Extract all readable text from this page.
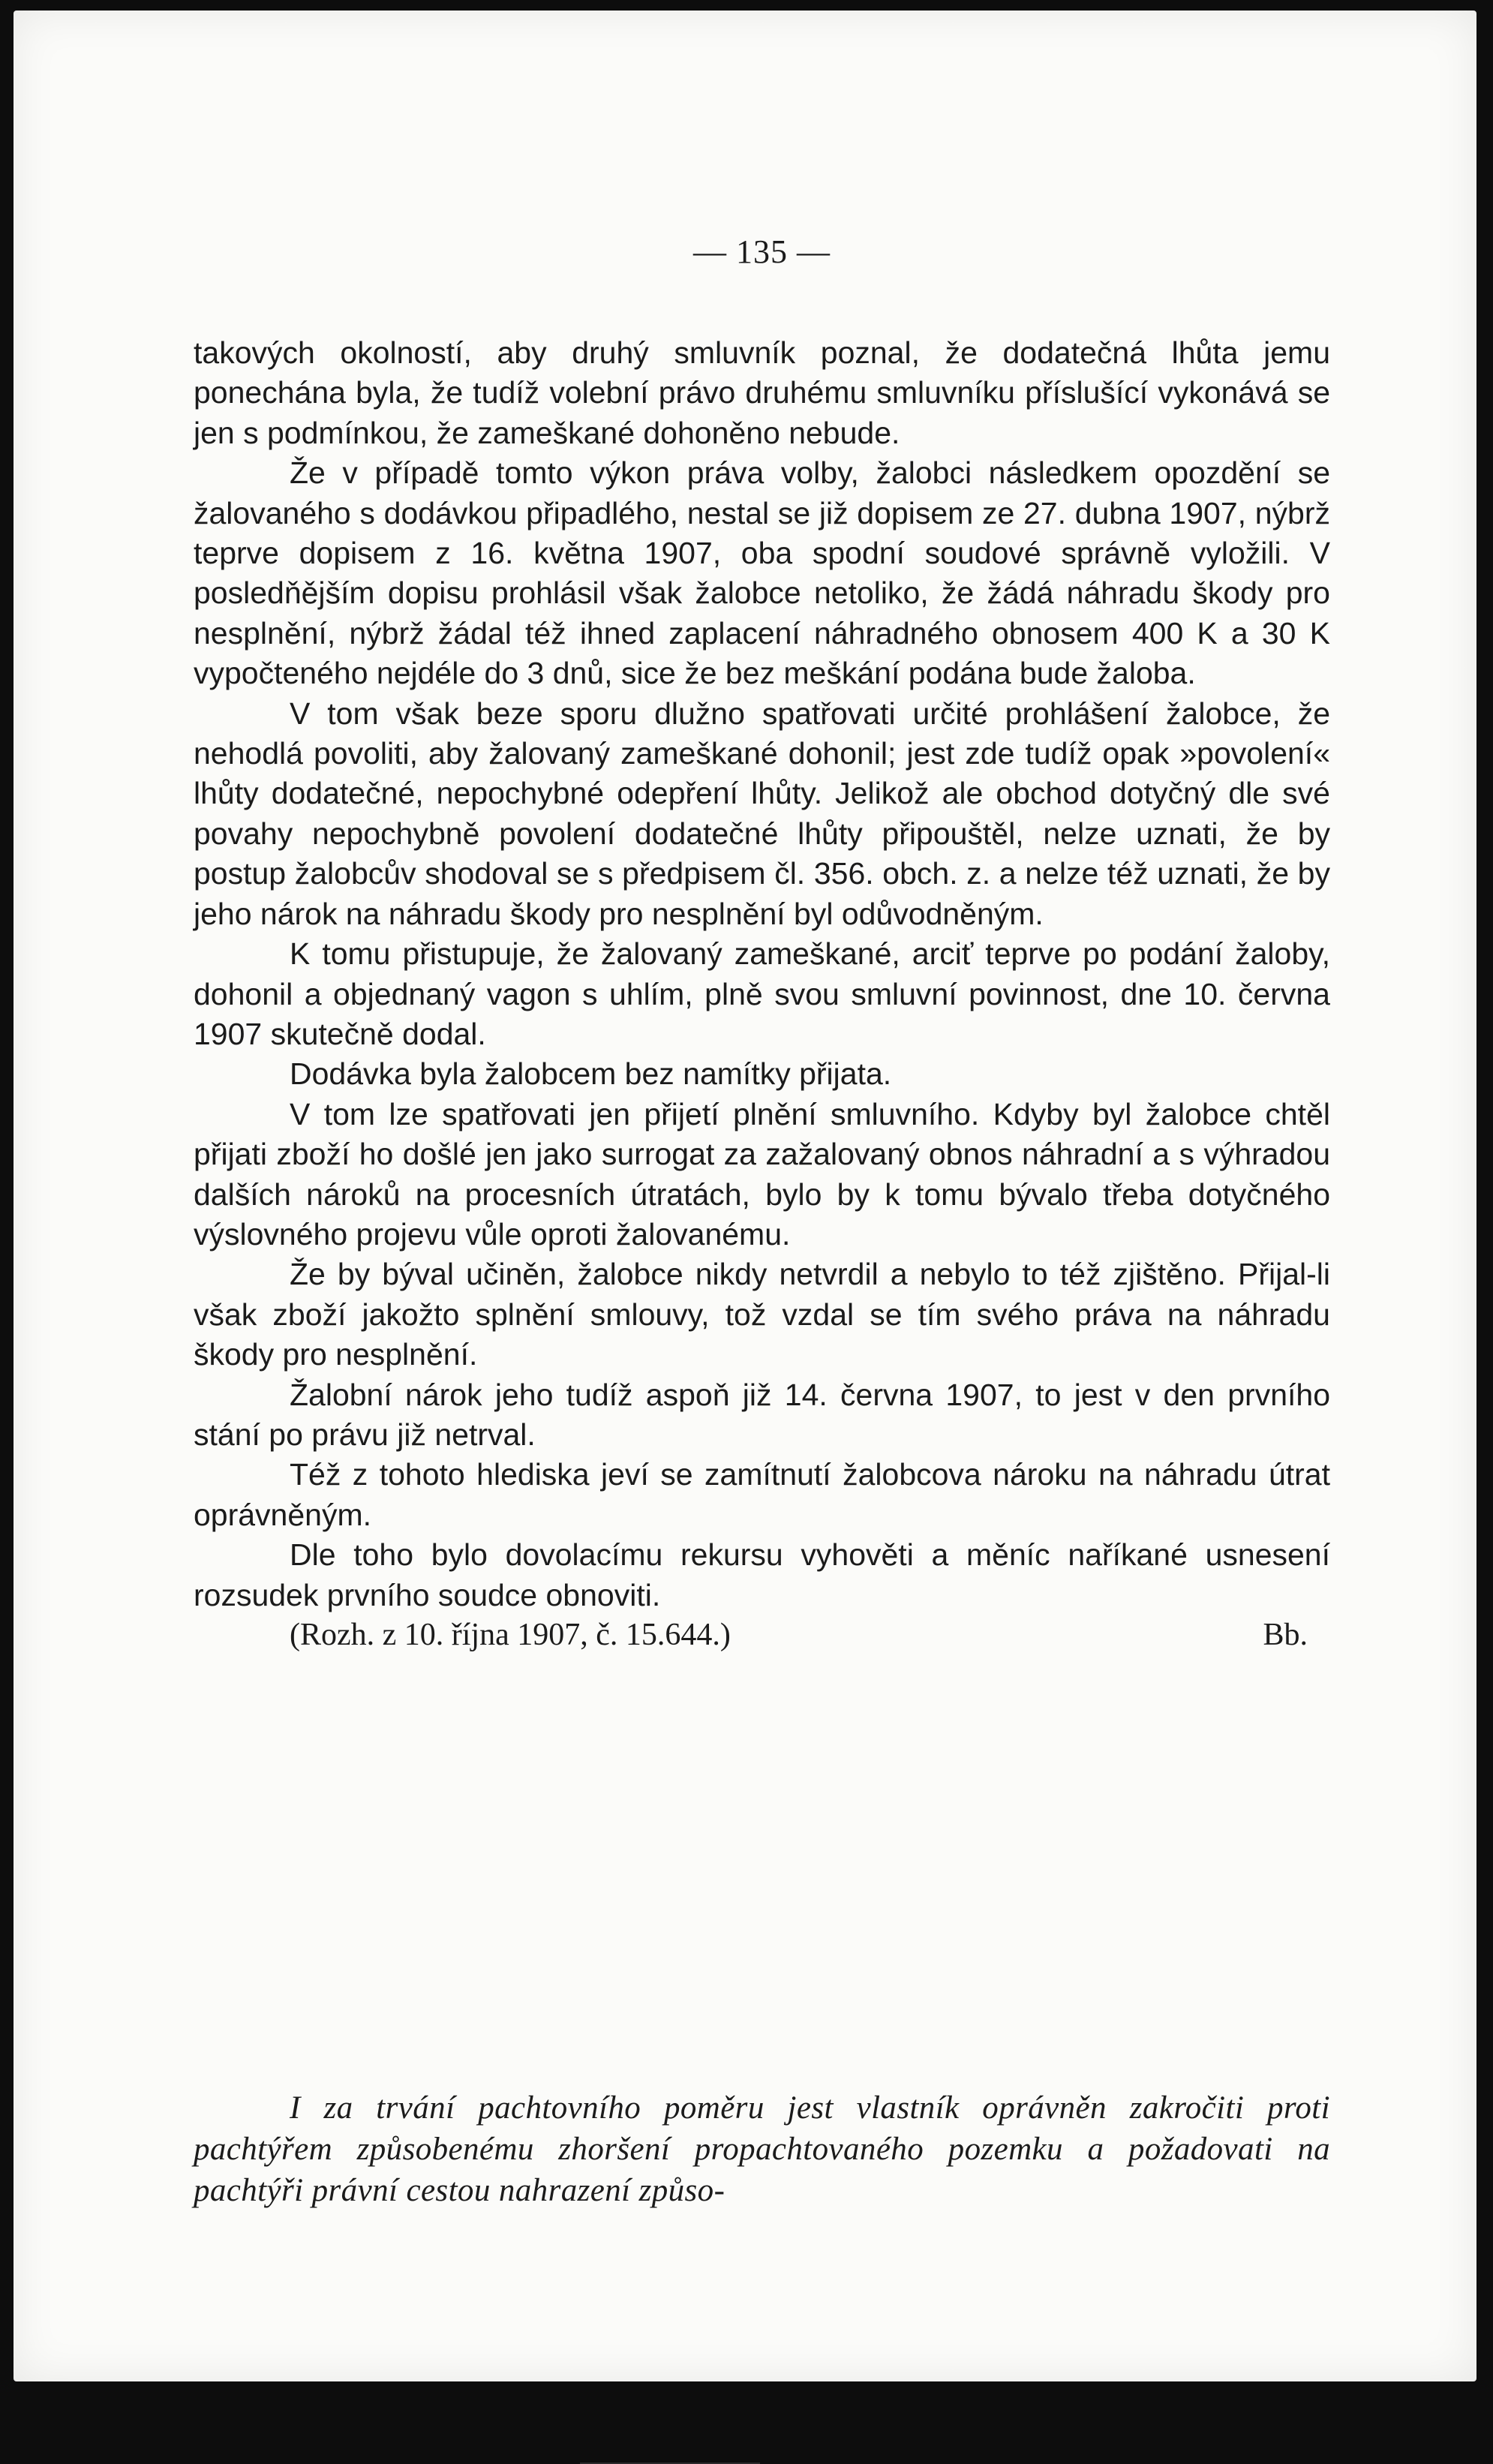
— 135 —

takových okolností, aby druhý smluvník poznal, že dodatečná lhůta jemu ponechána byla, že tudíž volební právo druhému smluvníku příslušící vykonává se jen s podmínkou, že zameškané dohoněno nebude.

Že v případě tomto výkon práva volby, žalobci následkem opozdění se žalovaného s dodávkou připadlého, nestal se již dopisem ze 27. dubna 1907, nýbrž teprve dopisem z 16. května 1907, oba spodní soudové správně vyložili. V posledňějším dopisu prohlásil však žalobce netoliko, že žádá náhradu škody pro nesplnění, nýbrž žádal též ihned zaplacení náhradného obnosem 400 K a 30 K vypočteného nejdéle do 3 dnů, sice že bez meškání podána bude žaloba.

V tom však beze sporu dlužno spatřovati určité prohlášení žalobce, že nehodlá povoliti, aby žalovaný zameškané dohonil; jest zde tudíž opak »povolení« lhůty dodatečné, nepochybné odepření lhůty. Jelikož ale obchod dotyčný dle své povahy nepochybně povolení dodatečné lhůty připouštěl, nelze uznati, že by postup žalobcův shodoval se s předpisem čl. 356. obch. z. a nelze též uznati, že by jeho nárok na náhradu škody pro nesplnění byl odůvodněným.

K tomu přistupuje, že žalovaný zameškané, arciť teprve po podání žaloby, dohonil a objednaný vagon s uhlím, plně svou smluvní povinnost, dne 10. června 1907 skutečně dodal.

Dodávka byla žalobcem bez namítky přijata.

V tom lze spatřovati jen přijetí plnění smluvního. Kdyby byl žalobce chtěl přijati zboží ho došlé jen jako surrogat za zažalovaný obnos náhradní a s výhradou dalších nároků na procesních útratách, bylo by k tomu bývalo třeba dotyčného výslovného projevu vůle oproti žalovanému.

Že by býval učiněn, žalobce nikdy netvrdil a nebylo to též zjištěno. Přijal-li však zboží jakožto splnění smlouvy, tož vzdal se tím svého práva na náhradu škody pro nesplnění.

Žalobní nárok jeho tudíž aspoň již 14. června 1907, to jest v den prvního stání po právu již netrval.

Též z tohoto hlediska jeví se zamítnutí žalobcova nároku na náhradu útrat oprávněným.

Dle toho bylo dovolacímu rekursu vyhověti a měníc naříkané usnesení rozsudek prvního soudce obnoviti.

(Rozh. z 10. října 1907, č. 15.644.)	Bb.
I za trvání pachtovního poměru jest vlastník oprávněn zakročiti proti pachtýřem způsobenému zhoršení propachtovaného pozemku a požadovati na pachtýři právní cestou nahrazení způso-
